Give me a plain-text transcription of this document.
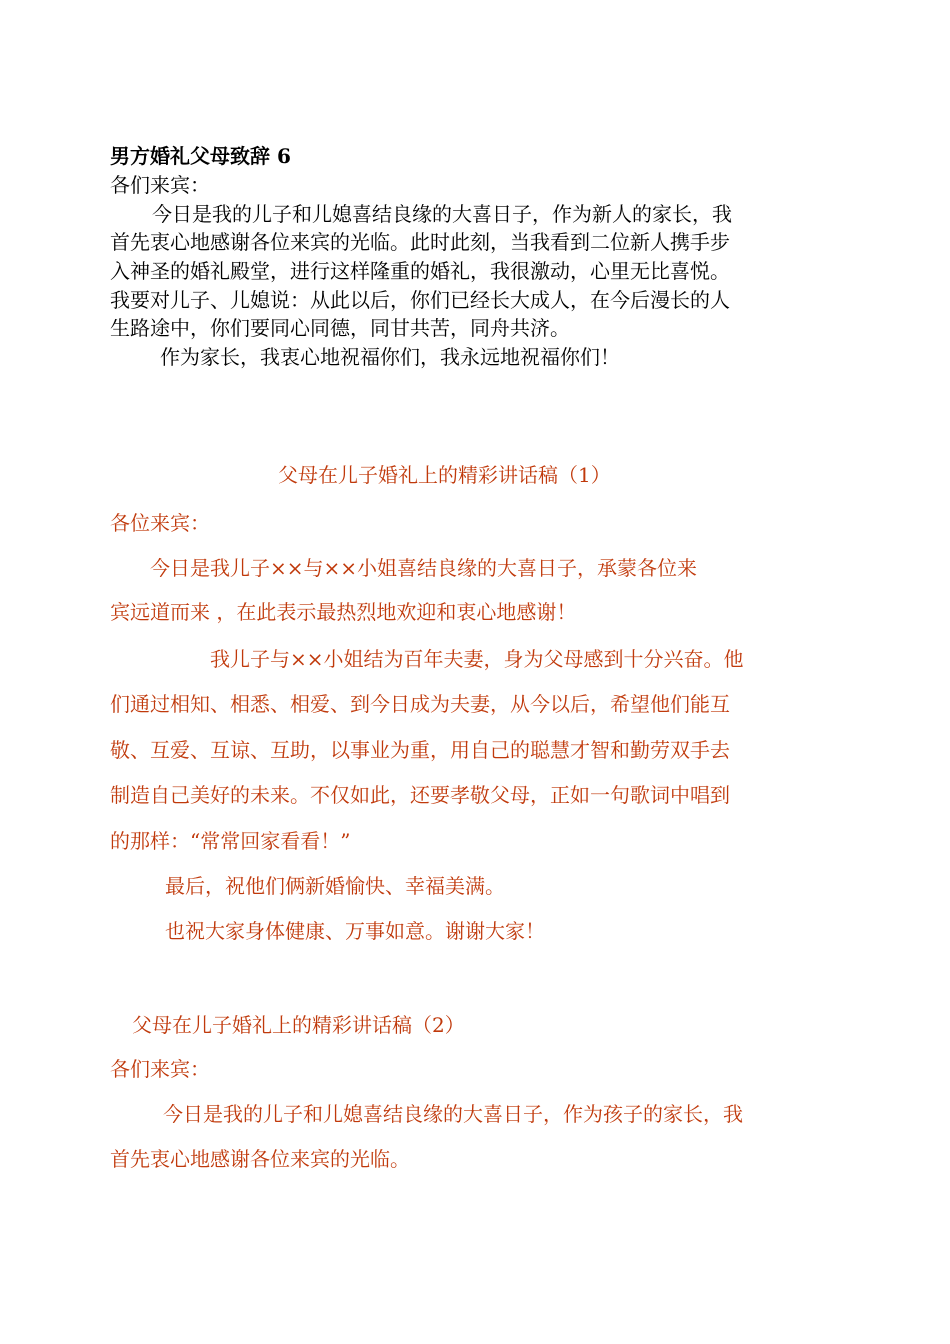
男方婚礼父母致辞 6
各们来宾：
今日是我的儿子和儿媳喜结良缘的大喜日子，作为新人的家长，我
首先衷心地感谢各位来宾的光临。此时此刻，当我看到二位新人携手步
入神圣的婚礼殿堂，进行这样隆重的婚礼，我很激动，心里无比喜悦。
我要对儿子、儿媳说：从此以后，你们已经长大成人，在今后漫长的人
生路途中，你们要同心同德，同甘共苦，同舟共济。
作为家长，我衷心地祝福你们，我永远地祝福你们！
父母在儿子婚礼上的精彩讲话稿（1）
各位来宾：
今日是我儿子××与××小姐喜结良缘的大喜日子，承蒙各位来
宾远道而来 ，在此表示最热烈地欢迎和衷心地感谢！
我儿子与××小姐结为百年夫妻，身为父母感到十分兴奋。他
们通过相知、相悉、相爱、到今日成为夫妻，从今以后，希望他们能互
敬、互爱、互谅、互助，以事业为重，用自己的聪慧才智和勤劳双手去
制造自己美好的未来。不仅如此，还要孝敬父母，正如一句歌词中唱到
的那样：“常常回家看看！”
最后，祝他们俩新婚愉快、幸福美满。
也祝大家身体健康、万事如意。谢谢大家！
父母在儿子婚礼上的精彩讲话稿（2）
各们来宾：
今日是我的儿子和儿媳喜结良缘的大喜日子，作为孩子的家长，我
首先衷心地感谢各位来宾的光临。
